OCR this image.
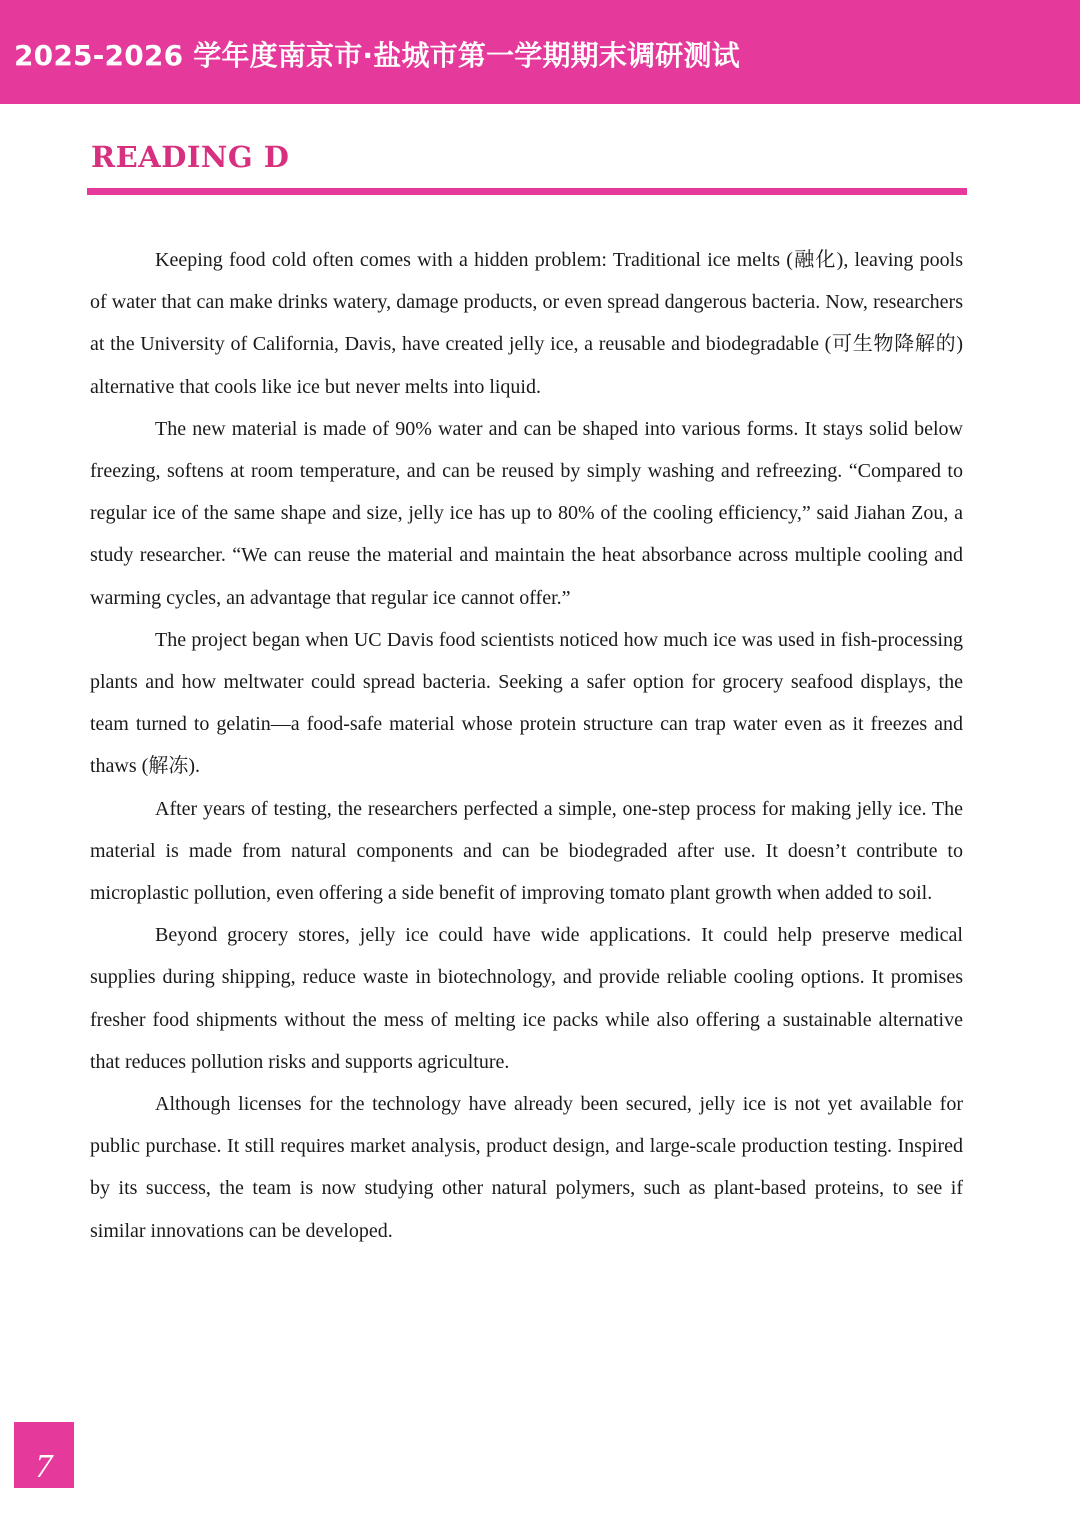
2025-2026 学年度南京市·盐城市第一学期期末调研测试
READING D

Keeping food cold often comes with a hidden problem: Traditional ice melts (融化), leaving pools of water that can make drinks watery, damage products, or even spread dangerous bacteria. Now, researchers at the University of California, Davis, have created jelly ice, a reusable and biodegradable (可生物降解的) alternative that cools like ice but never melts into liquid.

The new material is made of 90% water and can be shaped into various forms. It stays solid below freezing, softens at room temperature, and can be reused by simply washing and refreezing. “Compared to regular ice of the same shape and size, jelly ice has up to 80% of the cooling efficiency,” said Jiahan Zou, a study researcher. “We can reuse the material and maintain the heat absorbance across multiple cooling and warming cycles, an advantage that regular ice cannot offer.”

The project began when UC Davis food scientists noticed how much ice was used in fish-processing plants and how meltwater could spread bacteria. Seeking a safer option for grocery seafood displays, the team turned to gelatin—a food-safe material whose protein structure can trap water even as it freezes and thaws (解冻).

After years of testing, the researchers perfected a simple, one-step process for making jelly ice. The material is made from natural components and can be biodegraded after use. It doesn’t contribute to microplastic pollution, even offering a side benefit of improving tomato plant growth when added to soil.

Beyond grocery stores, jelly ice could have wide applications. It could help preserve medical supplies during shipping, reduce waste in biotechnology, and provide reliable cooling options. It promises fresher food shipments without the mess of melting ice packs while also offering a sustainable alternative that reduces pollution risks and supports agriculture.

Although licenses for the technology have already been secured, jelly ice is not yet available for public purchase. It still requires market analysis, product design, and large-scale production testing. Inspired by its success, the team is now studying other natural polymers, such as plant-based proteins, to see if similar innovations can be developed.

7
